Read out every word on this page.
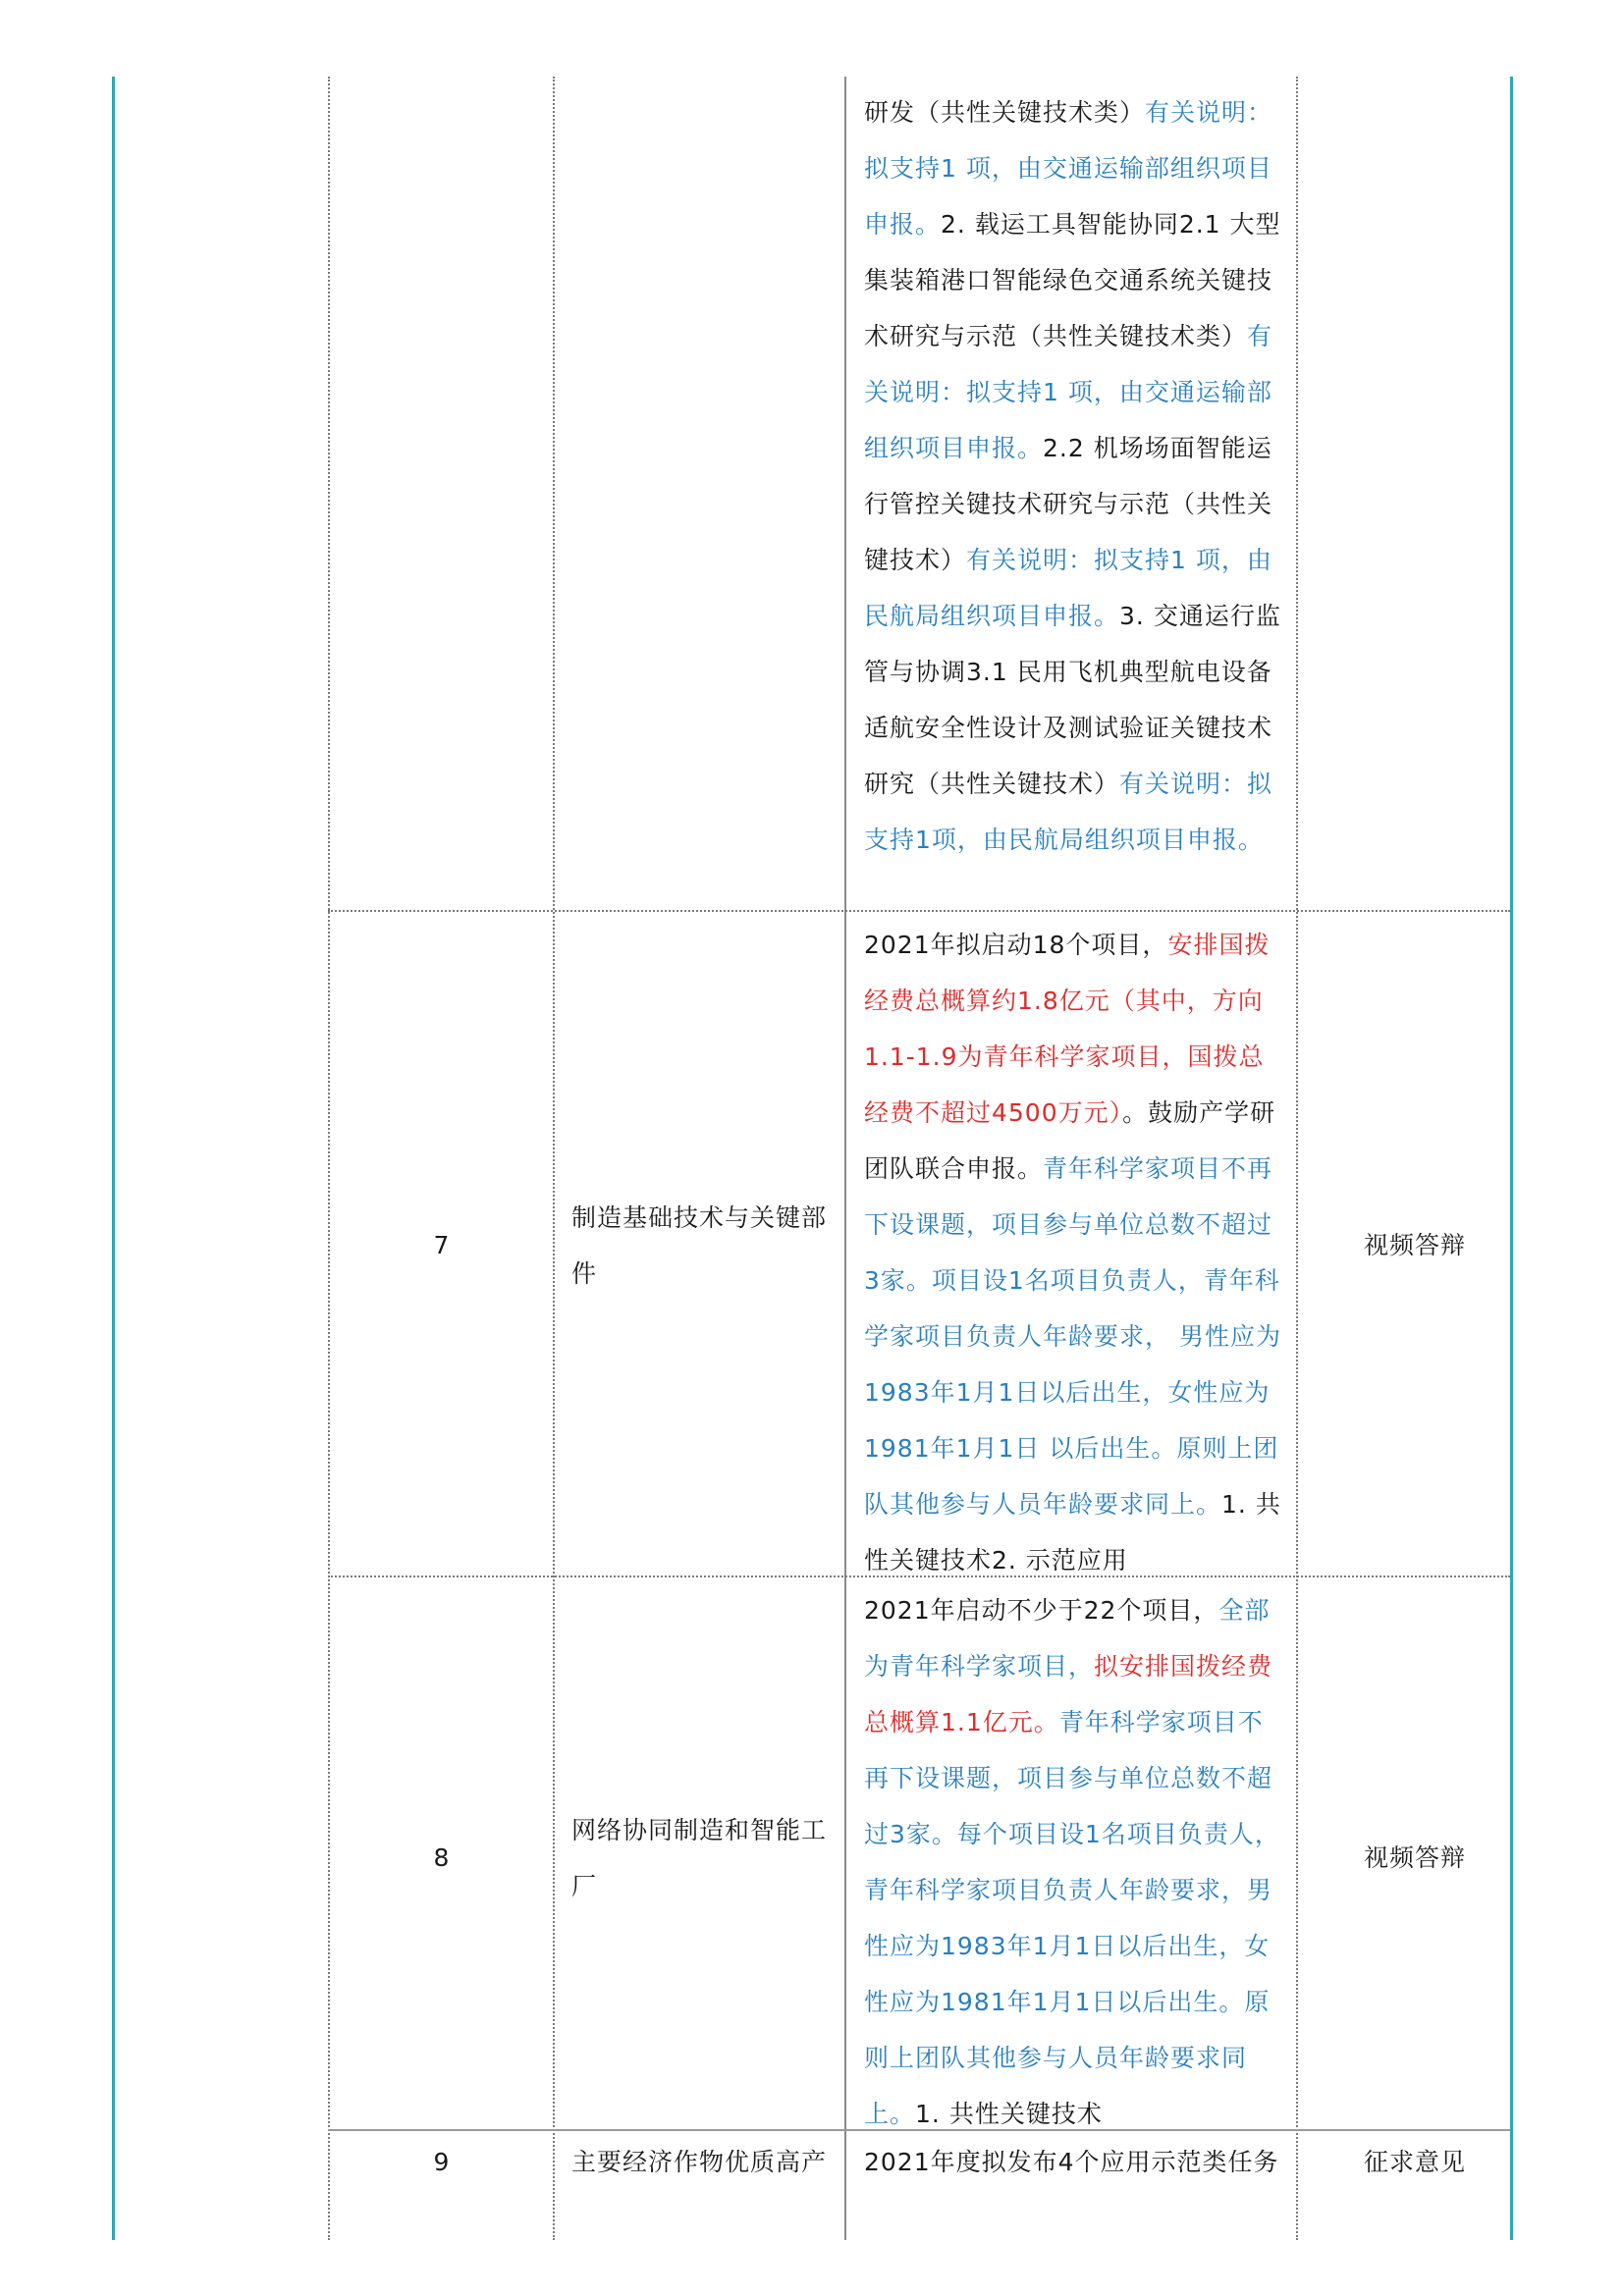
研发（共性关键技术类）有关说明：拟支持1 项，由交通运输部组织项目申报。2. 载运工具智能协同2.1 大型集装箱港口智能绿色交通系统关键技术研究与示范（共性关键技术类）有关说明：拟支持1 项，由交通运输部组织项目申报。2.2 机场场面智能运行管控关键技术研究与示范（共性关键技术）有关说明：拟支持1 项，由民航局组织项目申报。3. 交通运行监管与协调3.1 民用飞机典型航电设备适航安全性设计及测试验证关键技术研究（共性关键技术）有关说明：拟支持1项，由民航局组织项目申报。
7
制造基础技术与关键部件
视频答辩
2021年拟启动18个项目，安排国拨经费总概算约1.8亿元（其中，方向1.1-1.9为青年科学家项目，国拨总经费不超过4500万元）。鼓励产学研团队联合申报。青年科学家项目不再下设课题，项目参与单位总数不超过3家。项目设1名项目负责人，青年科学家项目负责人年龄要求， 男性应为1983年1月1日以后出生，女性应为1981年1月1日 以后出生。原则上团队其他参与人员年龄要求同上。1. 共性关键技术2. 示范应用
8
网络协同制造和智能工厂
视频答辩
2021年启动不少于22个项目，全部为青年科学家项目，拟安排国拨经费总概算1.1亿元。青年科学家项目不再下设课题，项目参与单位总数不超过3家。每个项目设1名项目负责人，青年科学家项目负责人年龄要求，男性应为1983年1月1日以后出生，女性应为1981年1月1日以后出生。原则上团队其他参与人员年龄要求同上。1. 共性关键技术
9	主要经济作物优质高产	征求意见
2021年度拟发布4个应用示范类任务
